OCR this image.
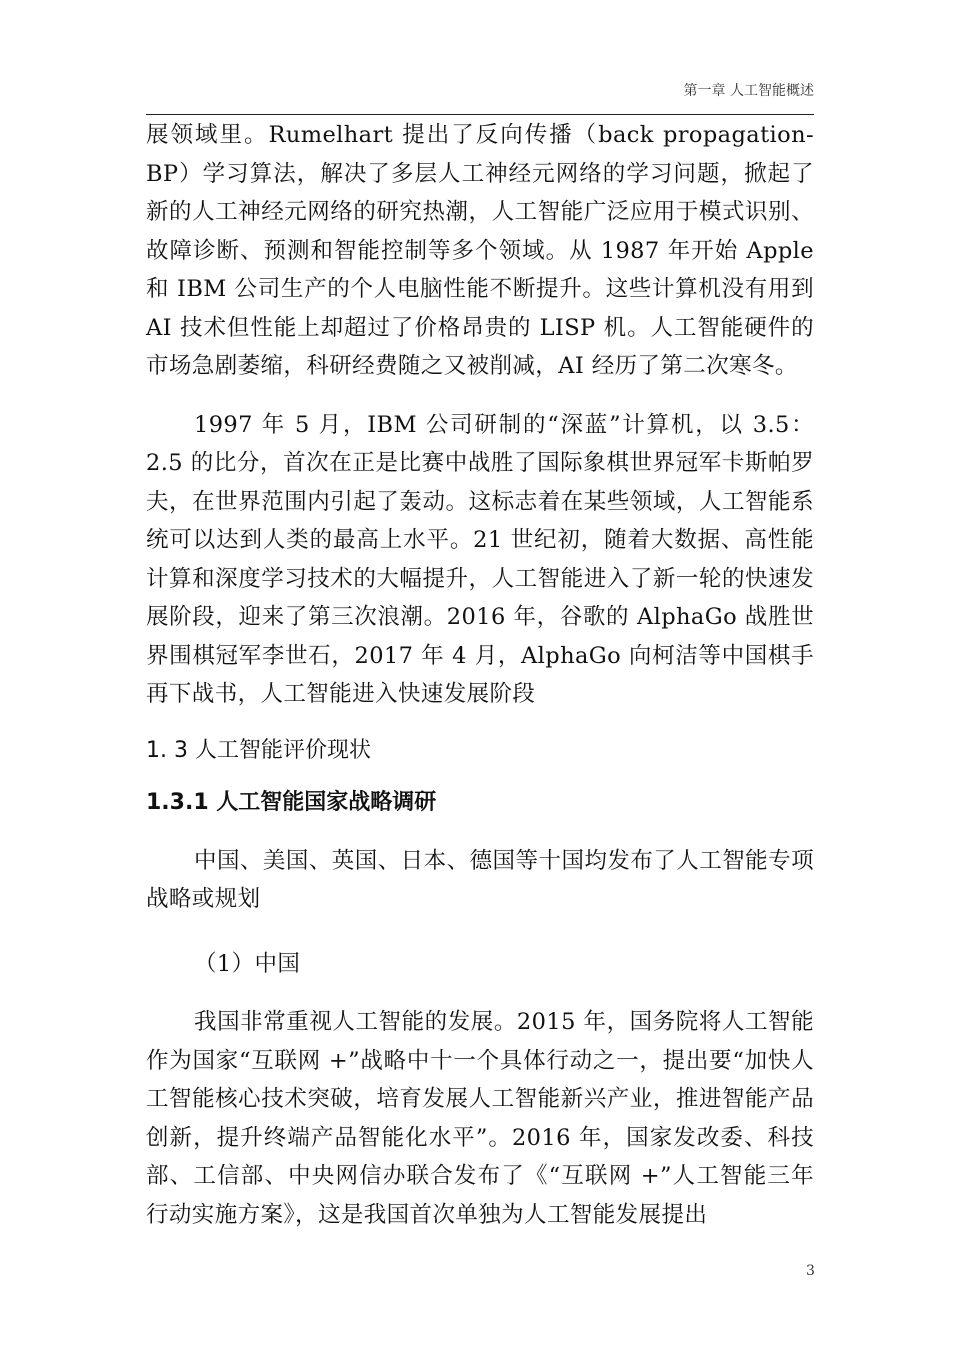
第一章 人工智能概述

展领域里。Rumelhart 提出了反向传播（back propagation- BP）学习算法，解决了多层人工神经元网络的学习问题，掀起了新的人工神经元网络的研究热潮，人工智能广泛应用于模式识别、故障诊断、预测和智能控制等多个领域。从 1987 年开始 Apple 和 IBM 公司生产的个人电脑性能不断提升。这些计算机没有用到 AI 技术但性能上却超过了价格昂贵的 LISP 机。人工智能硬件的市场急剧萎缩，科研经费随之又被削减，AI 经历了第二次寒冬。

1997 年 5 月，IBM 公司研制的“深蓝”计算机，以 3.5：2.5 的比分，首次在正是比赛中战胜了国际象棋世界冠军卡斯帕罗夫，在世界范围内引起了轰动。这标志着在某些领域，人工智能系统可以达到人类的最高上水平。21 世纪初，随着大数据、高性能计算和深度学习技术的大幅提升，人工智能进入了新一轮的快速发展阶段，迎来了第三次浪潮。2016 年，谷歌的 AlphaGo 战胜世界围棋冠军李世石，2017 年 4 月，AlphaGo 向柯洁等中国棋手再下战书，人工智能进入快速发展阶段

1. 3 人工智能评价现状
1.3.1 人工智能国家战略调研

中国、美国、英国、日本、德国等十国均发布了人工智能专项战略或规划

（1）中国

我国非常重视人工智能的发展。2015 年，国务院将人工智能作为国家“互联网 +”战略中十一个具体行动之一，提出要“加快人工智能核心技术突破，培育发展人工智能新兴产业，推进智能产品创新，提升终端产品智能化水平”。2016 年，国家发改委、科技部、工信部、中央网信办联合发布了《“互联网 +”人工智能三年行动实施方案》，这是我国首次单独为人工智能发展提出

3
